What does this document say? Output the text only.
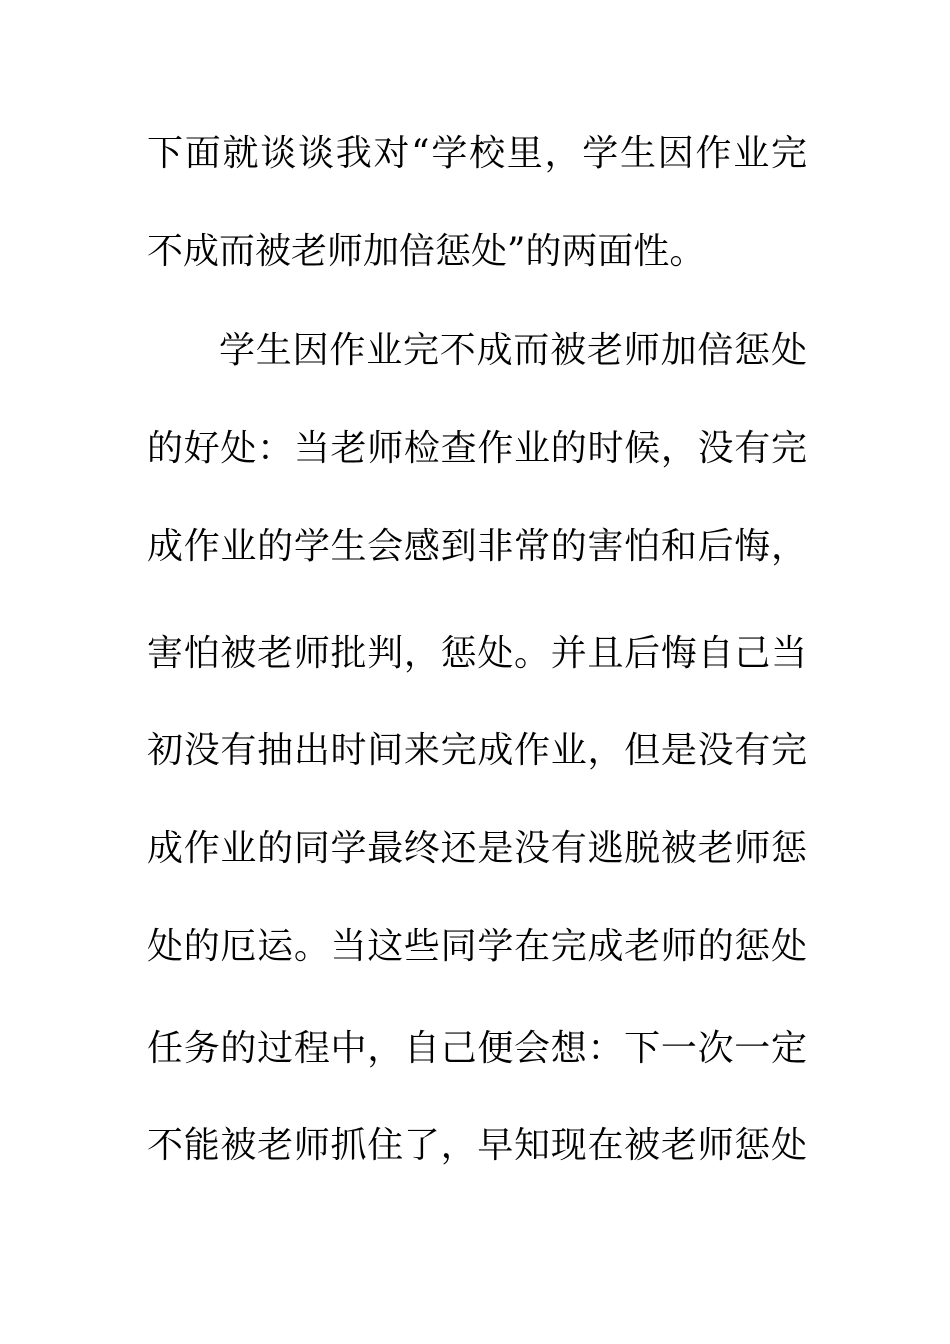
下面就谈谈我对“学校里，学生因作业完
不成而被老师加倍惩处”的两面性。
学生因作业完不成而被老师加倍惩处
的好处：当老师检查作业的时候，没有完
成作业的学生会感到非常的害怕和后悔，
害怕被老师批判，惩处。并且后悔自己当
初没有抽出时间来完成作业，但是没有完
成作业的同学最终还是没有逃脱被老师惩
处的厄运。当这些同学在完成老师的惩处
任务的过程中，自己便会想：下一次一定
不能被老师抓住了，早知现在被老师惩处
